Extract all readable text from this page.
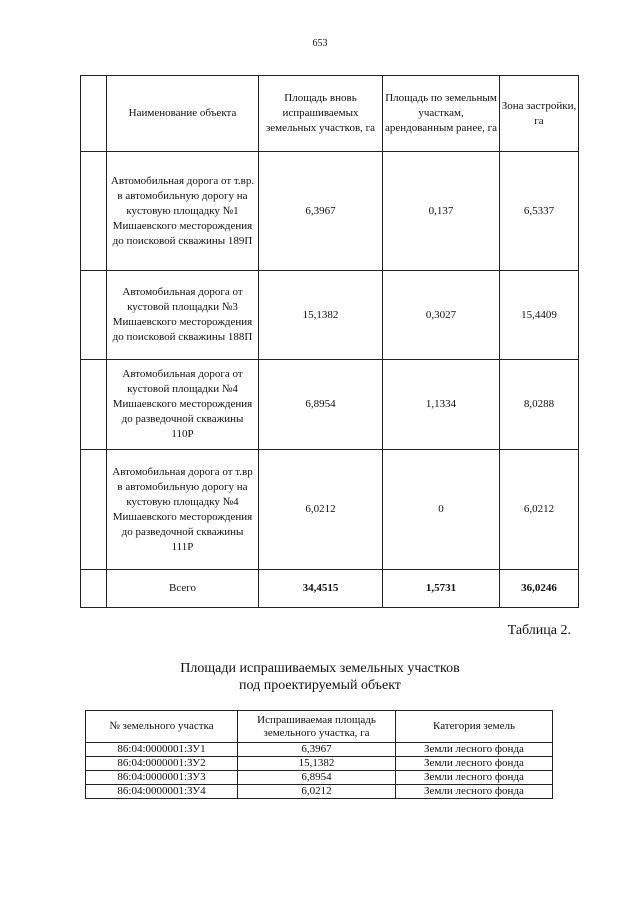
653
	Наименование объекта	Площадь вновь испрашиваемых земельных участков, га	Площадь по земельным участкам, арендованным ранее, га	Зона застройки, га
	Автомобильная дорога от т.вр. в автомобильную дорогу на кустовую площадку №1 Мишаевского месторождения до поисковой скважины 189П	6,3967	0,137	6,5337
	Автомобильная дорога от кустовой площадки №3 Мишаевского месторождения до поисковой скважины 188П	15,1382	0,3027	15,4409
	Автомобильная дорога от кустовой площадки №4 Мишаевского месторождения до разведочной скважины 110Р	6,8954	1,1334	8,0288
	Автомобильная дорога от т.вр в автомобильную дорогу на кустовую площадку №4 Мишаевского месторождения до разведочной скважины 111Р	6,0212	0	6,0212
	Всего	34,4515	1,5731	36,0246
Таблица 2.
Площади испрашиваемых земельных участков
под проектируемый объект
№ земельного участка	Испрашиваемая площадь земельного участка, га	Категория земель
86:04:0000001:ЗУ1	6,3967	Земли лесного фонда
86:04:0000001:ЗУ2	15,1382	Земли лесного фонда
86:04:0000001:ЗУ3	6,8954	Земли лесного фонда
86:04:0000001:ЗУ4	6,0212	Земли лесного фонда
